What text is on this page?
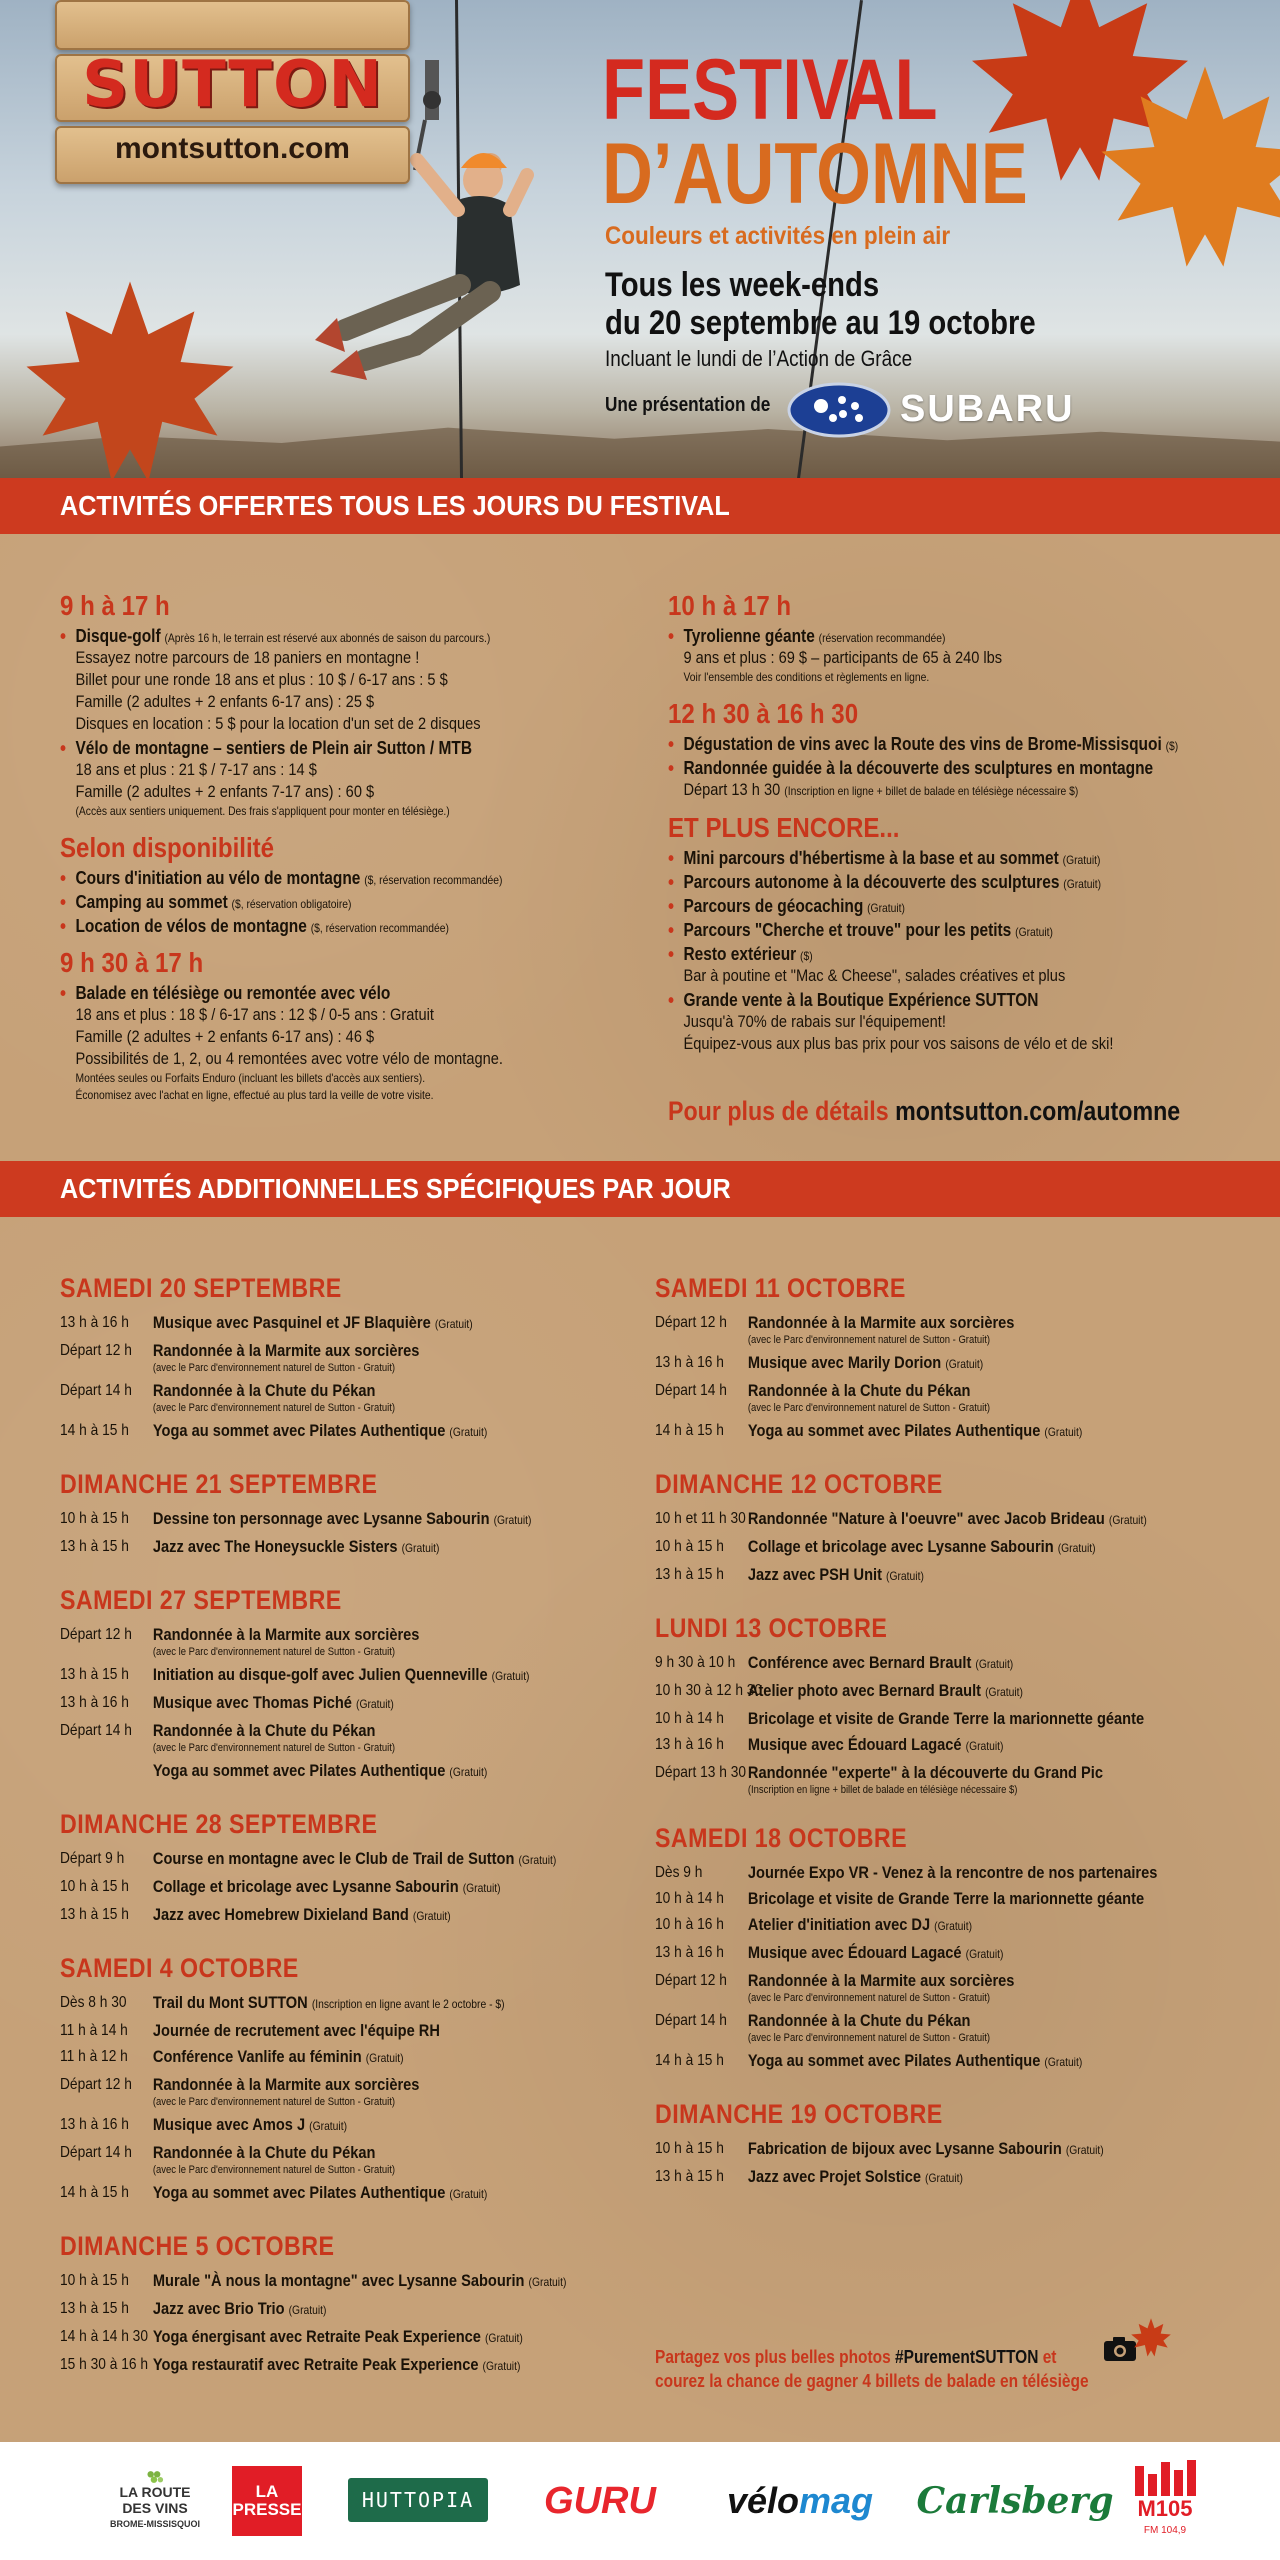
SUTTON
montsutton.com
FESTIVAL
D’AUTOMNE
Couleurs et activités en plein air
Tous les week-ends
du 20 septembre au 19 octobre
Incluant le lundi de l’Action de Grâce
Une présentation de	SUBARU
ACTIVITÉS OFFERTES TOUS LES JOURS DU FESTIVAL
9 h à 17 h
• Disque-golf (Après 16 h, le terrain est réservé aux abonnés de saison du parcours.)
Essayez notre parcours de 18 paniers en montagne !
Billet pour une ronde 18 ans et plus : 10 $ / 6-17 ans : 5 $
Famille (2 adultes + 2 enfants 6-17 ans) : 25 $
Disques en location : 5 $ pour la location d'un set de 2 disques
• Vélo de montagne – sentiers de Plein air Sutton / MTB
18 ans et plus : 21 $ / 7-17 ans : 14 $
Famille (2 adultes + 2 enfants 7-17 ans) : 60 $
(Accès aux sentiers uniquement. Des frais s'appliquent pour monter en télésiège.)
Selon disponibilité
• Cours d'initiation au vélo de montagne ($, réservation recommandée)
• Camping au sommet ($, réservation obligatoire)
• Location de vélos de montagne ($, réservation recommandée)
9 h 30 à 17 h
• Balade en télésiège ou remontée avec vélo
18 ans et plus : 18 $ / 6-17 ans : 12 $ / 0-5 ans : Gratuit
Famille (2 adultes + 2 enfants 6-17 ans) : 46 $
Possibilités de 1, 2, ou 4 remontées avec votre vélo de montagne.
Montées seules ou Forfaits Enduro (incluant les billets d'accès aux sentiers).
Économisez avec l'achat en ligne, effectué au plus tard la veille de votre visite.
10 h à 17 h
• Tyrolienne géante (réservation recommandée)
9 ans et plus : 69 $ – participants de 65 à 240 lbs
Voir l'ensemble des conditions et règlements en ligne.
12 h 30 à 16 h 30
• Dégustation de vins avec la Route des vins de Brome-Missisquoi ($)
• Randonnée guidée à la découverte des sculptures en montagne
Départ 13 h 30 (Inscription en ligne + billet de balade en télésiège nécessaire $)
ET PLUS ENCORE...
• Mini parcours d'hébertisme à la base et au sommet (Gratuit)
• Parcours autonome à la découverte des sculptures (Gratuit)
• Parcours de géocaching (Gratuit)
• Parcours "Cherche et trouve" pour les petits (Gratuit)
• Resto extérieur ($)
Bar à poutine et "Mac & Cheese", salades créatives et plus
• Grande vente à la Boutique Expérience SUTTON
Jusqu'à 70% de rabais sur l'équipement!
Équipez-vous aux plus bas prix pour vos saisons de vélo et de ski!
Pour plus de détails montsutton.com/automne
ACTIVITÉS ADDITIONNELLES SPÉCIFIQUES PAR JOUR
SAMEDI 20 SEPTEMBRE
13 h à 16 h	Musique avec Pasquinel et JF Blaquière (Gratuit)
Départ 12 h	Randonnée à la Marmite aux sorcières
(avec le Parc d'environnement naturel de Sutton - Gratuit)
Départ 14 h	Randonnée à la Chute du Pékan
(avec le Parc d'environnement naturel de Sutton - Gratuit)
14 h à 15 h	Yoga au sommet avec Pilates Authentique (Gratuit)
DIMANCHE 21 SEPTEMBRE
10 h à 15 h	Dessine ton personnage avec Lysanne Sabourin (Gratuit)
13 h à 15 h	Jazz avec The Honeysuckle Sisters (Gratuit)
SAMEDI 27 SEPTEMBRE
Départ 12 h	Randonnée à la Marmite aux sorcières
(avec le Parc d'environnement naturel de Sutton - Gratuit)
13 h à 15 h	Initiation au disque-golf avec Julien Quenneville (Gratuit)
13 h à 16 h	Musique avec Thomas Piché (Gratuit)
Départ 14 h	Randonnée à la Chute du Pékan
(avec le Parc d'environnement naturel de Sutton - Gratuit)
Yoga au sommet avec Pilates Authentique (Gratuit)
DIMANCHE 28 SEPTEMBRE
Départ 9 h	Course en montagne avec le Club de Trail de Sutton (Gratuit)
10 h à 15 h	Collage et bricolage avec Lysanne Sabourin (Gratuit)
13 h à 15 h	Jazz avec Homebrew Dixieland Band (Gratuit)
SAMEDI 4 OCTOBRE
Dès 8 h 30	Trail du Mont SUTTON (Inscription en ligne avant le 2 octobre - $)
11 h à 14 h	Journée de recrutement avec l'équipe RH
11 h à 12 h	Conférence Vanlife au féminin (Gratuit)
Départ 12 h	Randonnée à la Marmite aux sorcières
(avec le Parc d'environnement naturel de Sutton - Gratuit)
13 h à 16 h	Musique avec Amos J (Gratuit)
Départ 14 h	Randonnée à la Chute du Pékan
(avec le Parc d'environnement naturel de Sutton - Gratuit)
14 h à 15 h	Yoga au sommet avec Pilates Authentique (Gratuit)
DIMANCHE 5 OCTOBRE
10 h à 15 h	Murale "À nous la montagne" avec Lysanne Sabourin (Gratuit)
13 h à 15 h	Jazz avec Brio Trio (Gratuit)
14 h à 14 h 30 Yoga énergisant avec Retraite Peak Experience (Gratuit)
15 h 30 à 16 h Yoga restauratif avec Retraite Peak Experience (Gratuit)
SAMEDI 11 OCTOBRE
Départ 12 h	Randonnée à la Marmite aux sorcières
(avec le Parc d'environnement naturel de Sutton - Gratuit)
13 h à 16 h	Musique avec Marily Dorion (Gratuit)
Départ 14 h	Randonnée à la Chute du Pékan
(avec le Parc d'environnement naturel de Sutton - Gratuit)
14 h à 15 h	Yoga au sommet avec Pilates Authentique (Gratuit)
DIMANCHE 12 OCTOBRE
10 h et 11 h 30 Randonnée "Nature à l'oeuvre" avec Jacob Brideau (Gratuit)
10 h à 15 h	Collage et bricolage avec Lysanne Sabourin (Gratuit)
13 h à 15 h	Jazz avec PSH Unit (Gratuit)
LUNDI 13 OCTOBRE
9 h 30 à 10 h Conférence avec Bernard Brault (Gratuit)
10 h 30 à 12 h 30
Atelier photo avec Bernard Brault (Gratuit)
10 h à 14 h	Bricolage et visite de Grande Terre la marionnette géante
13 h à 16 h	Musique avec Édouard Lagacé (Gratuit)
Départ 13 h 30 Randonnée "experte" à la découverte du Grand Pic
(Inscription en ligne + billet de balade en télésiège nécessaire $)
SAMEDI 18 OCTOBRE
Dès 9 h	Journée Expo VR - Venez à la rencontre de nos partenaires
10 h à 14 h	Bricolage et visite de Grande Terre la marionnette géante
10 h à 16 h	Atelier d'initiation avec DJ (Gratuit)
13 h à 16 h	Musique avec Édouard Lagacé (Gratuit)
Départ 12 h	Randonnée à la Marmite aux sorcières
(avec le Parc d'environnement naturel de Sutton - Gratuit)
Départ 14 h	Randonnée à la Chute du Pékan
(avec le Parc d'environnement naturel de Sutton - Gratuit)
14 h à 15 h	Yoga au sommet avec Pilates Authentique (Gratuit)
DIMANCHE 19 OCTOBRE
10 h à 15 h	Fabrication de bijoux avec Lysanne Sabourin (Gratuit)
13 h à 15 h	Jazz avec Projet Solstice (Gratuit)
Partagez vos plus belles photos #PurementSUTTON et
courez la chance de gagner 4 billets de balade en télésiège
LA ROUTE
DES VINS
BROME-MISSISQUOI
LA
PRESSE	HUTTOPIA	GURU vélo mag Carlsberg M105
FM 104,9
